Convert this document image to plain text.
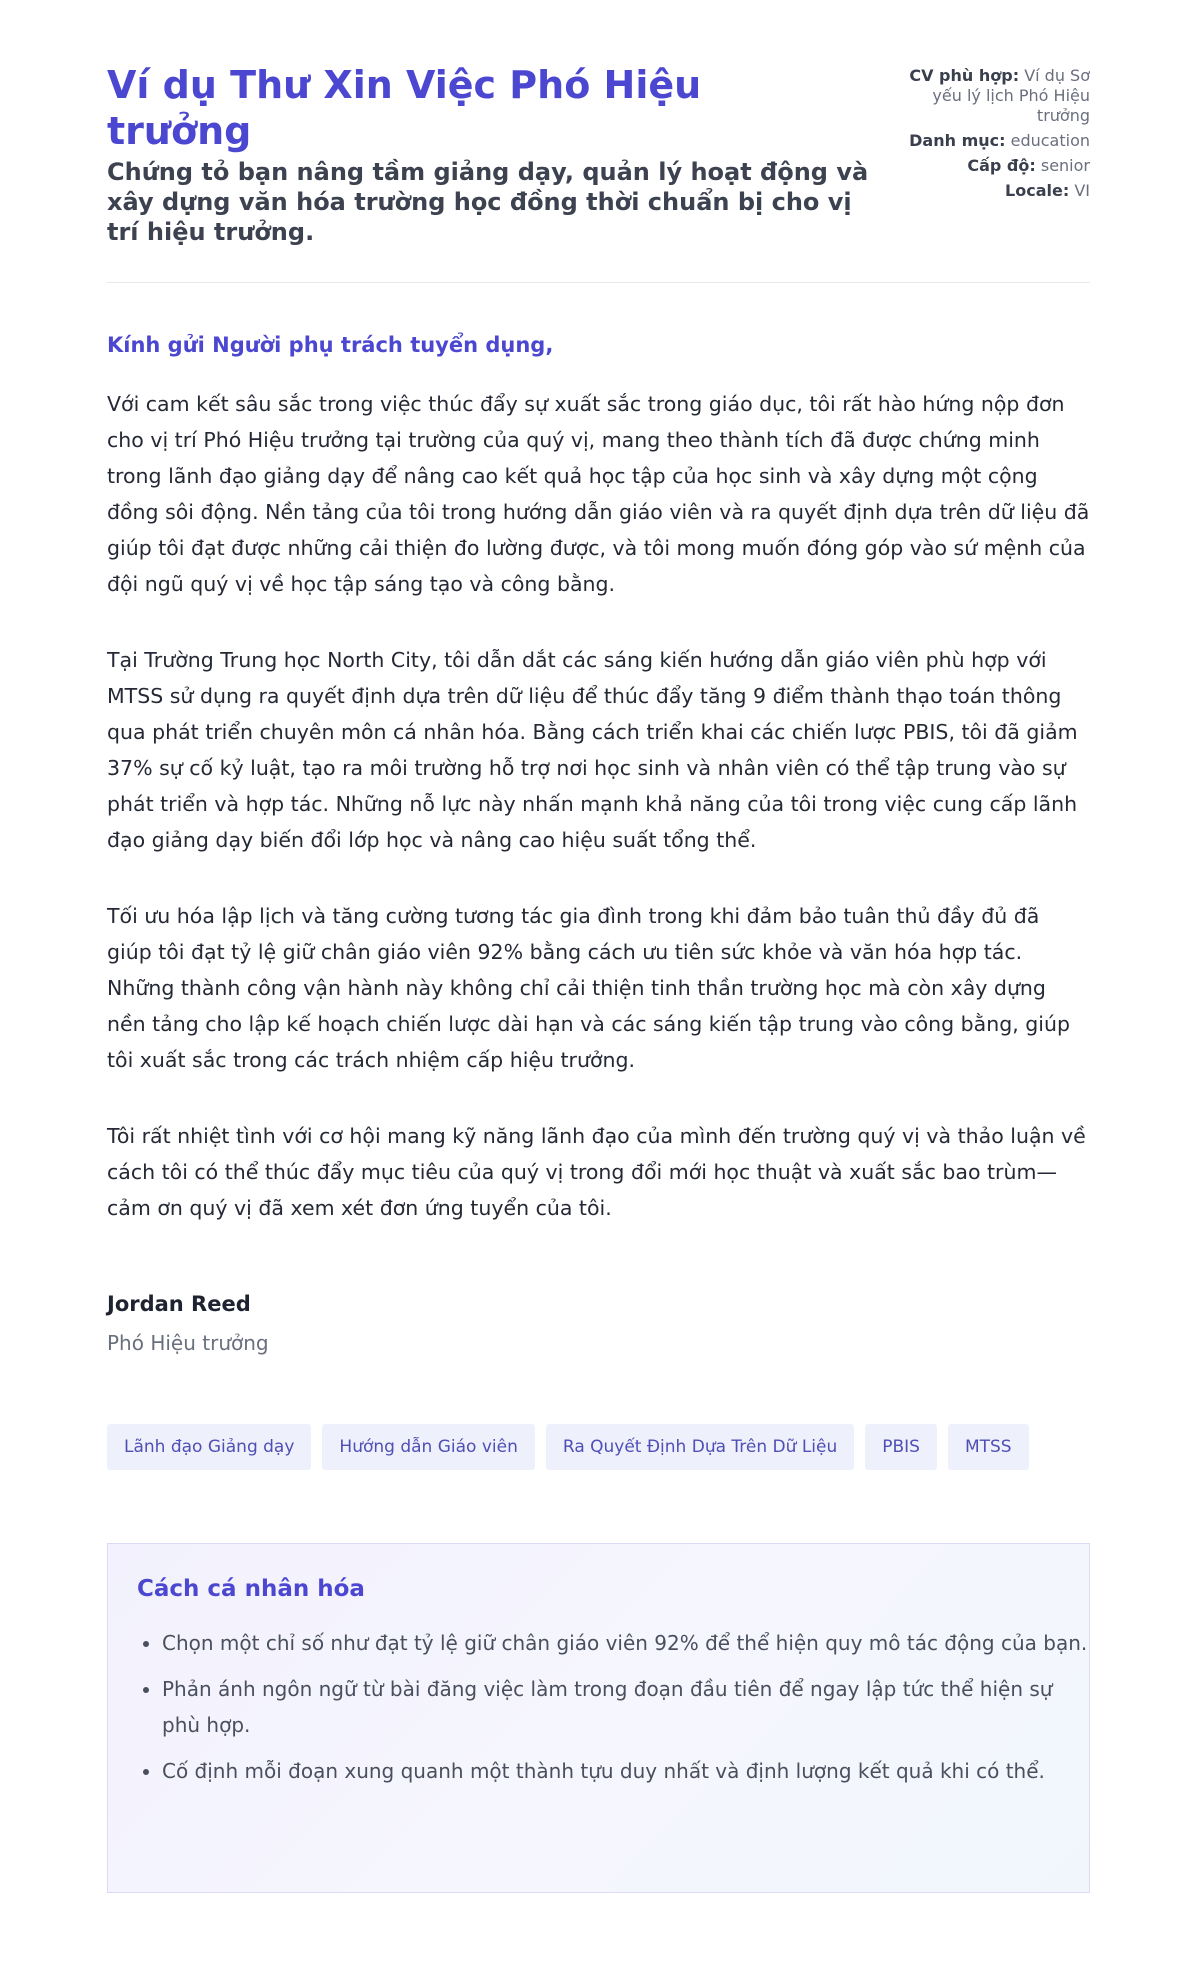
Ví dụ Thư Xin Việc Phó Hiệu trưởng

Chứng tỏ bạn nâng tầm giảng dạy, quản lý hoạt động và xây dựng văn hóa trường học đồng thời chuẩn bị cho vị trí hiệu trưởng.

CV phù hợp: Ví dụ Sơ yếu lý lịch Phó Hiệu trưởng
Danh mục: education
Cấp độ: senior
Locale: VI

Kính gửi Người phụ trách tuyển dụng,

Với cam kết sâu sắc trong việc thúc đẩy sự xuất sắc trong giáo dục, tôi rất hào hứng nộp đơn cho vị trí Phó Hiệu trưởng tại trường của quý vị, mang theo thành tích đã được chứng minh trong lãnh đạo giảng dạy để nâng cao kết quả học tập của học sinh và xây dựng một cộng đồng sôi động. Nền tảng của tôi trong hướng dẫn giáo viên và ra quyết định dựa trên dữ liệu đã giúp tôi đạt được những cải thiện đo lường được, và tôi mong muốn đóng góp vào sứ mệnh của đội ngũ quý vị về học tập sáng tạo và công bằng.

Tại Trường Trung học North City, tôi dẫn dắt các sáng kiến hướng dẫn giáo viên phù hợp với MTSS sử dụng ra quyết định dựa trên dữ liệu để thúc đẩy tăng 9 điểm thành thạo toán thông qua phát triển chuyên môn cá nhân hóa. Bằng cách triển khai các chiến lược PBIS, tôi đã giảm 37% sự cố kỷ luật, tạo ra môi trường hỗ trợ nơi học sinh và nhân viên có thể tập trung vào sự phát triển và hợp tác. Những nỗ lực này nhấn mạnh khả năng của tôi trong việc cung cấp lãnh đạo giảng dạy biến đổi lớp học và nâng cao hiệu suất tổng thể.

Tối ưu hóa lập lịch và tăng cường tương tác gia đình trong khi đảm bảo tuân thủ đầy đủ đã giúp tôi đạt tỷ lệ giữ chân giáo viên 92% bằng cách ưu tiên sức khỏe và văn hóa hợp tác. Những thành công vận hành này không chỉ cải thiện tinh thần trường học mà còn xây dựng nền tảng cho lập kế hoạch chiến lược dài hạn và các sáng kiến tập trung vào công bằng, giúp tôi xuất sắc trong các trách nhiệm cấp hiệu trưởng.

Tôi rất nhiệt tình với cơ hội mang kỹ năng lãnh đạo của mình đến trường quý vị và thảo luận về cách tôi có thể thúc đẩy mục tiêu của quý vị trong đổi mới học thuật và xuất sắc bao trùm—cảm ơn quý vị đã xem xét đơn ứng tuyển của tôi.

Jordan Reed

Phó Hiệu trưởng

Lãnh đạo Giảng dạy	Hướng dẫn Giáo viên	Ra Quyết Định Dựa Trên Dữ Liệu	PBIS	MTSS
Cách cá nhân hóa
• Chọn một chỉ số như đạt tỷ lệ giữ chân giáo viên 92% để thể hiện quy mô tác động của bạn.
• Phản ánh ngôn ngữ từ bài đăng việc làm trong đoạn đầu tiên để ngay lập tức thể hiện sự phù hợp.
• Cố định mỗi đoạn xung quanh một thành tựu duy nhất và định lượng kết quả khi có thể.
